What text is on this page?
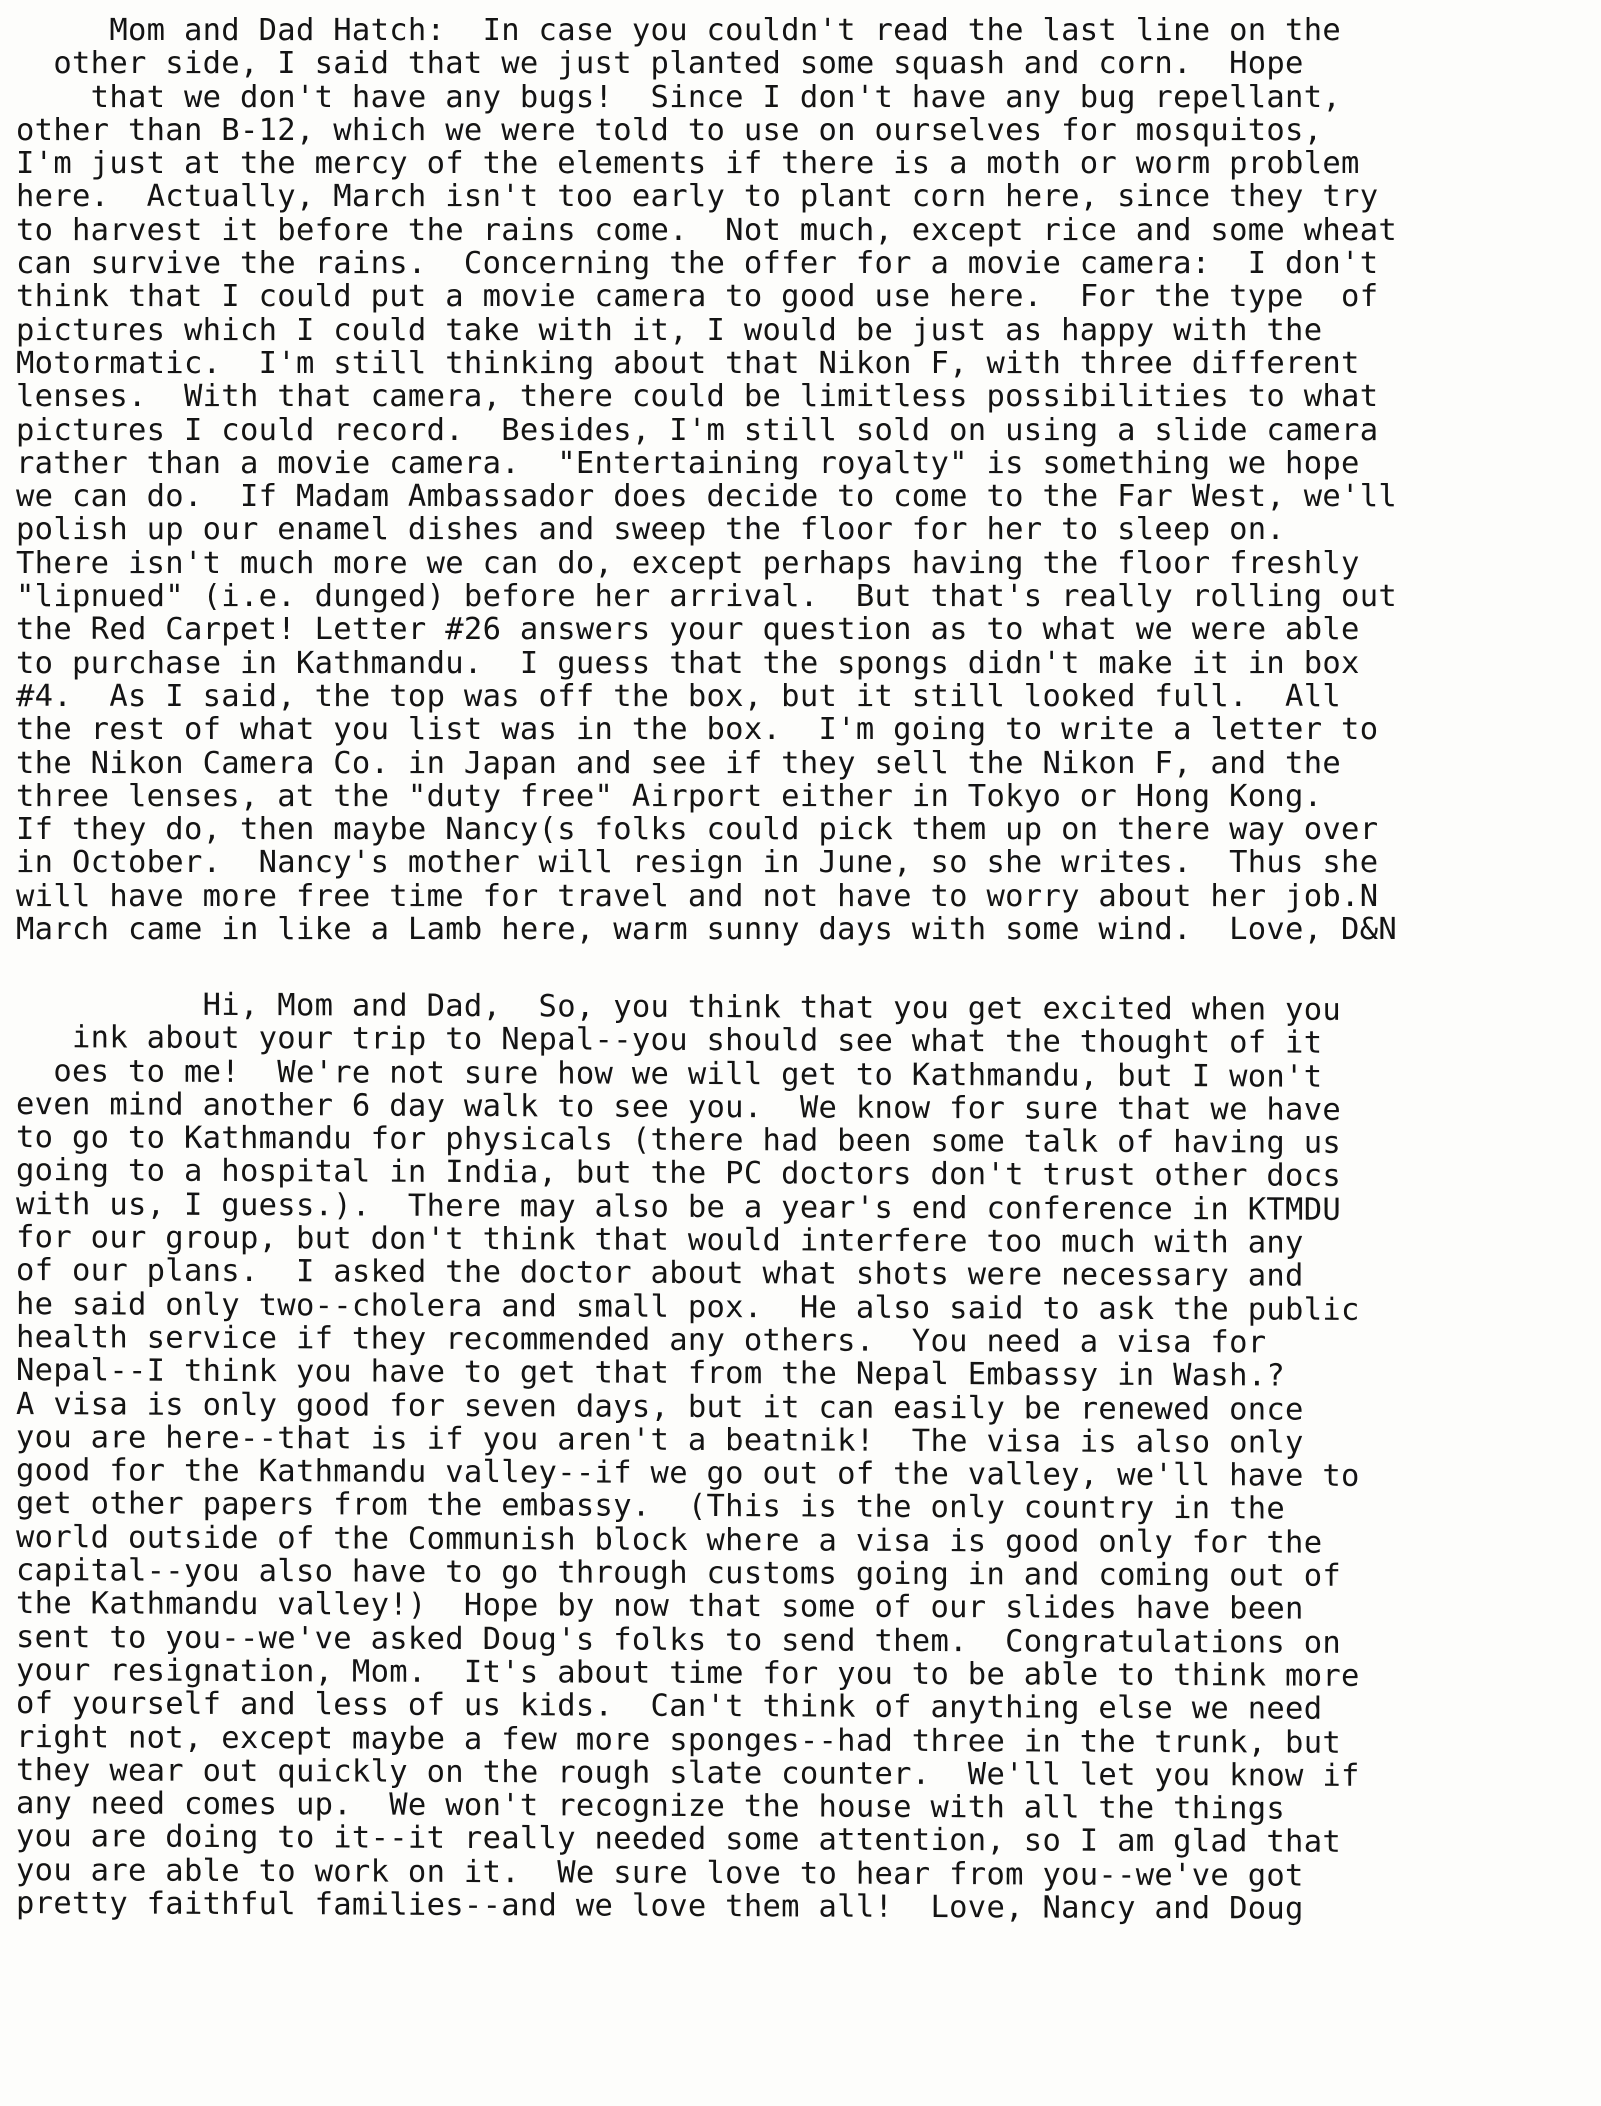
Mom and Dad Hatch:  In case you couldn't read the last line on the
other side, I said that we just planted some squash and corn.  Hope
that we don't have any bugs!  Since I don't have any bug repellant,
other than B-12, which we were told to use on ourselves for mosquitos,
I'm just at the mercy of the elements if there is a moth or worm problem
here.  Actually, March isn't too early to plant corn here, since they try
to harvest it before the rains come.  Not much, except rice and some wheat
can survive the rains.  Concerning the offer for a movie camera:  I don't
think that I could put a movie camera to good use here.  For the type  of
pictures which I could take with it, I would be just as happy with the
Motormatic.  I'm still thinking about that Nikon F, with three different
lenses.  With that camera, there could be limitless possibilities to what
pictures I could record.  Besides, I'm still sold on using a slide camera
rather than a movie camera.  "Entertaining royalty" is something we hope
we can do.  If Madam Ambassador does decide to come to the Far West, we'll
polish up our enamel dishes and sweep the floor for her to sleep on.
There isn't much more we can do, except perhaps having the floor freshly
"lipnued" (i.e. dunged) before her arrival.  But that's really rolling out
the Red Carpet! Letter #26 answers your question as to what we were able
to purchase in Kathmandu.  I guess that the spongs didn't make it in box
#4.  As I said, the top was off the box, but it still looked full.  All
the rest of what you list was in the box.  I'm going to write a letter to
the Nikon Camera Co. in Japan and see if they sell the Nikon F, and the
three lenses, at the "duty free" Airport either in Tokyo or Hong Kong.
If they do, then maybe Nancy(s folks could pick them up on there way over
in October.  Nancy's mother will resign in June, so she writes.  Thus she
will have more free time for travel and not have to worry about her job.N
March came in like a Lamb here, warm sunny days with some wind.  Love, D&N
Hi, Mom and Dad,  So, you think that you get excited when you
ink about your trip to Nepal--you should see what the thought of it
oes to me!  We're not sure how we will get to Kathmandu, but I won't
even mind another 6 day walk to see you.  We know for sure that we have
to go to Kathmandu for physicals (there had been some talk of having us
going to a hospital in India, but the PC doctors don't trust other docs
with us, I guess.).  There may also be a year's end conference in KTMDU
for our group, but don't think that would interfere too much with any
of our plans.  I asked the doctor about what shots were necessary and
he said only two--cholera and small pox.  He also said to ask the public
health service if they recommended any others.  You need a visa for
Nepal--I think you have to get that from the Nepal Embassy in Wash.?
A visa is only good for seven days, but it can easily be renewed once
you are here--that is if you aren't a beatnik!  The visa is also only
good for the Kathmandu valley--if we go out of the valley, we'll have to
get other papers from the embassy.  (This is the only country in the
world outside of the Communish block where a visa is good only for the
capital--you also have to go through customs going in and coming out of
the Kathmandu valley!)  Hope by now that some of our slides have been
sent to you--we've asked Doug's folks to send them.  Congratulations on
your resignation, Mom.  It's about time for you to be able to think more
of yourself and less of us kids.  Can't think of anything else we need
right not, except maybe a few more sponges--had three in the trunk, but
they wear out quickly on the rough slate counter.  We'll let you know if
any need comes up.  We won't recognize the house with all the things
you are doing to it--it really needed some attention, so I am glad that
you are able to work on it.  We sure love to hear from you--we've got
pretty faithful families--and we love them all!  Love, Nancy and Doug
